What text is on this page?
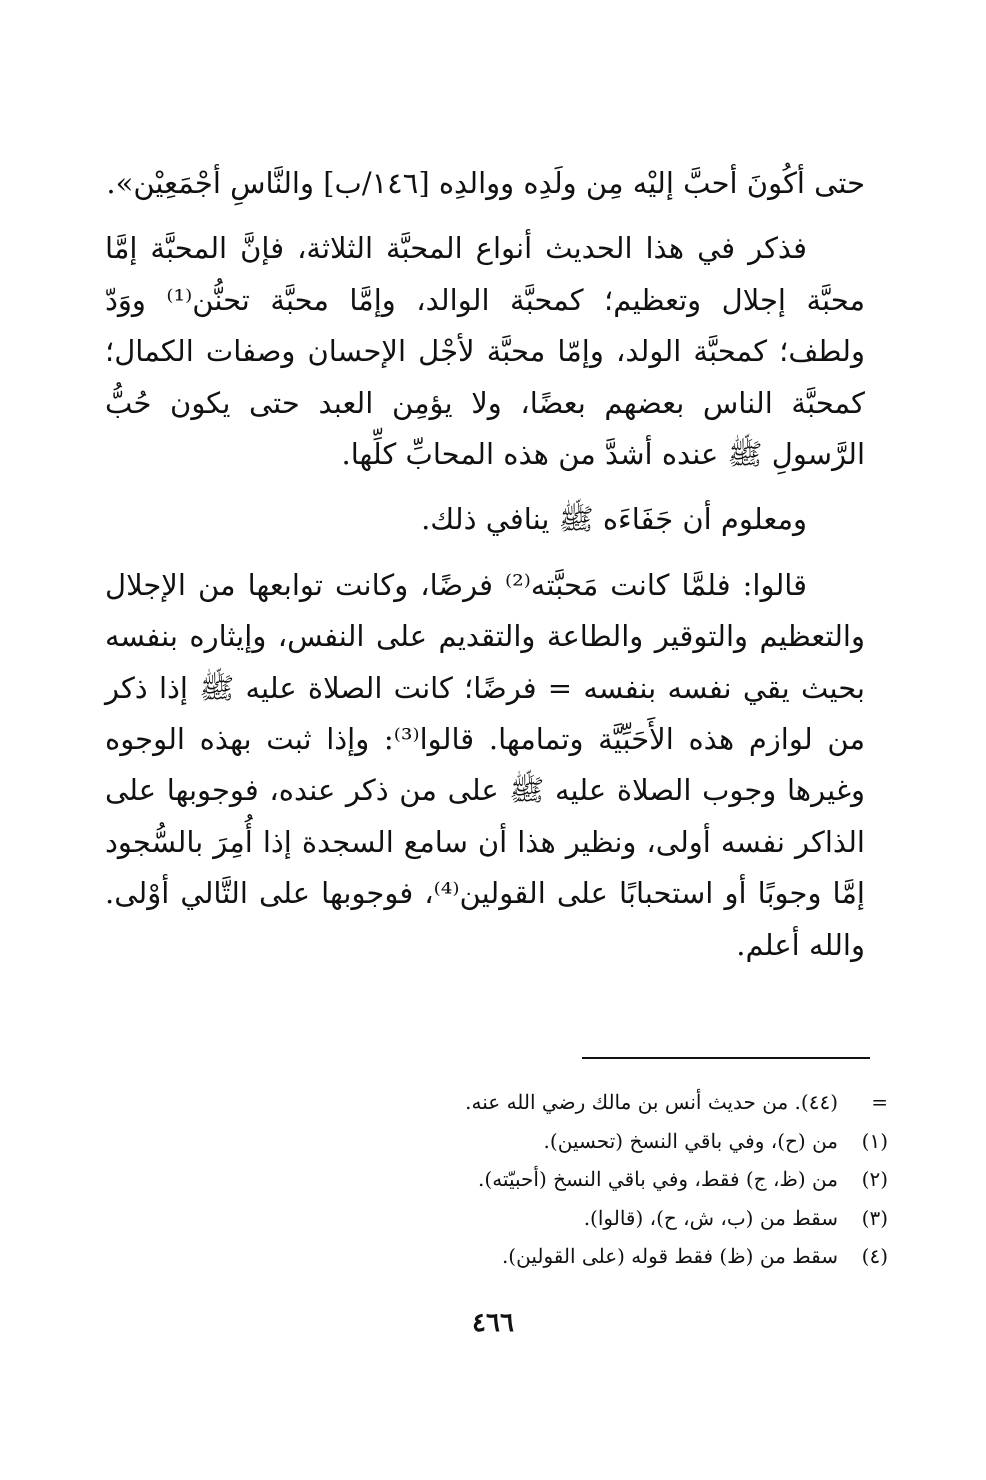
حتى أكُونَ أحبَّ إليْه مِن ولَدِه ووالدِه [١٤٦/ب] والنَّاسِ أجْمَعِيْن».

فذكر في هذا الحديث أنواع المحبَّة الثلاثة، فإنَّ المحبَّة إمَّا محبَّة إجلال وتعظيم؛ كمحبَّة الوالد، وإمَّا محبَّة تحنُّن⁽¹⁾ ووَدّ ولطف؛ كمحبَّة الولد، وإمّا محبَّة لأجْل الإحسان وصفات الكمال؛ كمحبَّة الناس بعضهم بعضًا، ولا يؤمِن العبد حتى يكون حُبُّ الرَّسولِ ﷺ عنده أشدَّ من هذه المحابِّ كلِّها.

ومعلوم أن جَفَاءَه ﷺ ينافي ذلك.

قالوا: فلمَّا كانت مَحبَّته⁽²⁾ فرضًا، وكانت توابعها من الإجلال والتعظيم والتوقير والطاعة والتقديم على النفس، وإيثاره بنفسه بحيث يقي نفسه بنفسه = فرضًا؛ كانت الصلاة عليه ﷺ إذا ذكر من لوازم هذه الأَحَبِّيَّة وتمامها. قالوا⁽³⁾: وإذا ثبت بهذه الوجوه وغيرها وجوب الصلاة عليه ﷺ على من ذكر عنده، فوجوبها على الذاكر نفسه أولى، ونظير هذا أن سامع السجدة إذا أُمِرَ بالسُّجود إمَّا وجوبًا أو استحبابًا على القولين⁽⁴⁾، فوجوبها على التَّالي أوْلى. والله أعلم.

=
(٤٤). من حديث أنس بن مالك رضي الله عنه.
(١)
من (ح)، وفي باقي النسخ (تحسين).
(٢)
من (ظ، ج) فقط، وفي باقي النسخ (أحبيّته).
(٣)
سقط من (ب، ش، ح)، (قالوا).
(٤)
سقط من (ظ) فقط قوله (على القولين).
٤٦٦
